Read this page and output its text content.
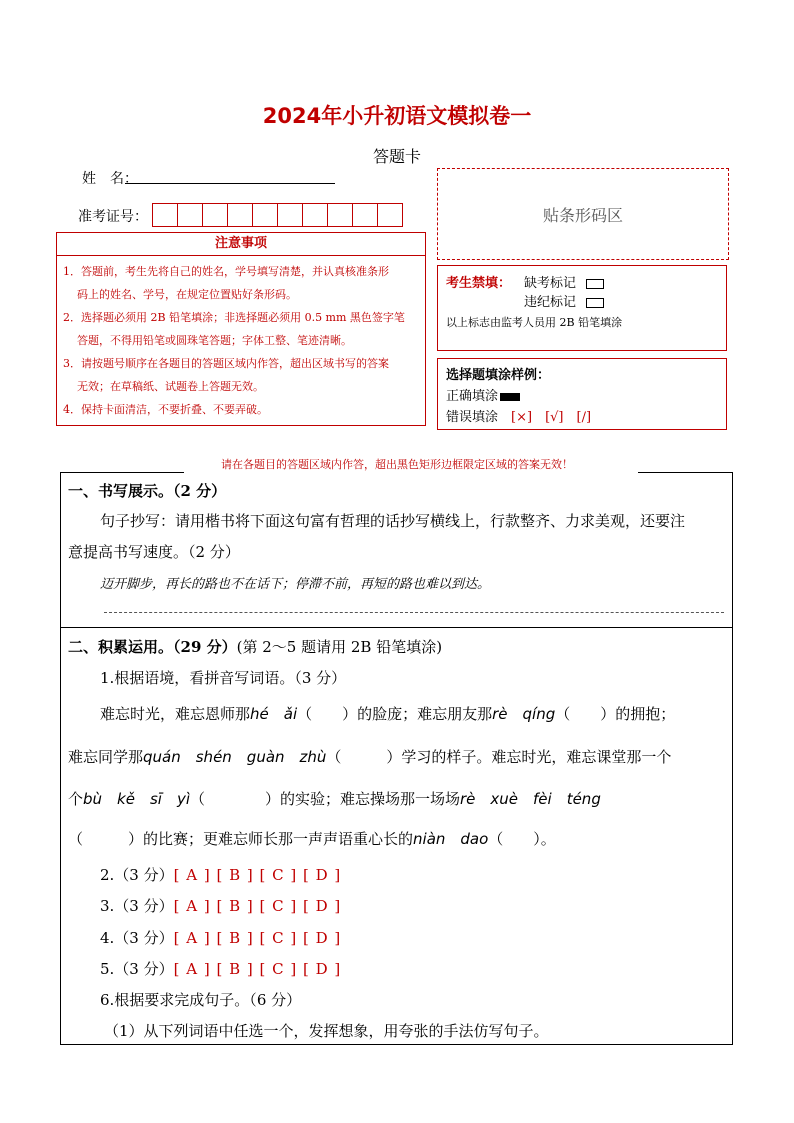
2024年小升初语文模拟卷一
答题卡
姓　名：
准考证号：	贴条形码区
注意事项

1．答题前，考生先将自己的姓名，学号填写清楚，并认真核准条形

码上的姓名、学号，在规定位置贴好条形码。

2．选择题必须用 2B 铅笔填涂；非选择题必须用 0.5 mm 黑色签字笔

答题，不得用铅笔或圆珠笔答题；字体工整、笔迹清晰。

3．请按题号顺序在各题目的答题区域内作答，超出区域书写的答案

无效；在草稿纸、试题卷上答题无效。

4．保持卡面清洁，不要折叠、不要弄破。

考生禁填： 缺考标记
违纪标记
以上标志由监考人员用 2B 铅笔填涂
选择题填涂样例：
正确填涂
错误填涂　 [×]　[√]　[/]
请在各题目的答题区域内作答，超出黑色矩形边框限定区域的答案无效！
一、书写展示。（2 分）
句子抄写：请用楷书将下面这句富有哲理的话抄写横线上，行款整齐、力求美观，还要注
意提高书写速度。（2 分）
迈开脚步，再长的路也不在话下；停滞不前，再短的路也难以到达。
二、积累运用。（29 分）(第 2～5 题请用 2B 铅笔填涂)
1.根据语境，看拼音写词语。（3 分）
难忘时光，难忘恩师那hé　ǎi（　　）的脸庞；难忘朋友那rè　qíng（　　）的拥抱；
难忘同学那quán　shén　guàn　zhù（　　　）学习的样子。难忘时光，难忘课堂那一个
个bù　kě　sī　yì（　　　　）的实验；难忘操场那一场场rè　xuè　fèi　téng
（　　　）的比赛；更难忘师长那一声声语重心长的niàn　dao（　　）。
2.（3 分）[ A ] [ B ] [ C ] [ D ]
3.（3 分）[ A ] [ B ] [ C ] [ D ]
4.（3 分）[ A ] [ B ] [ C ] [ D ]
5.（3 分）[ A ] [ B ] [ C ] [ D ]
6.根据要求完成句子。（6 分）
（1）从下列词语中任选一个，发挥想象，用夸张的手法仿写句子。
